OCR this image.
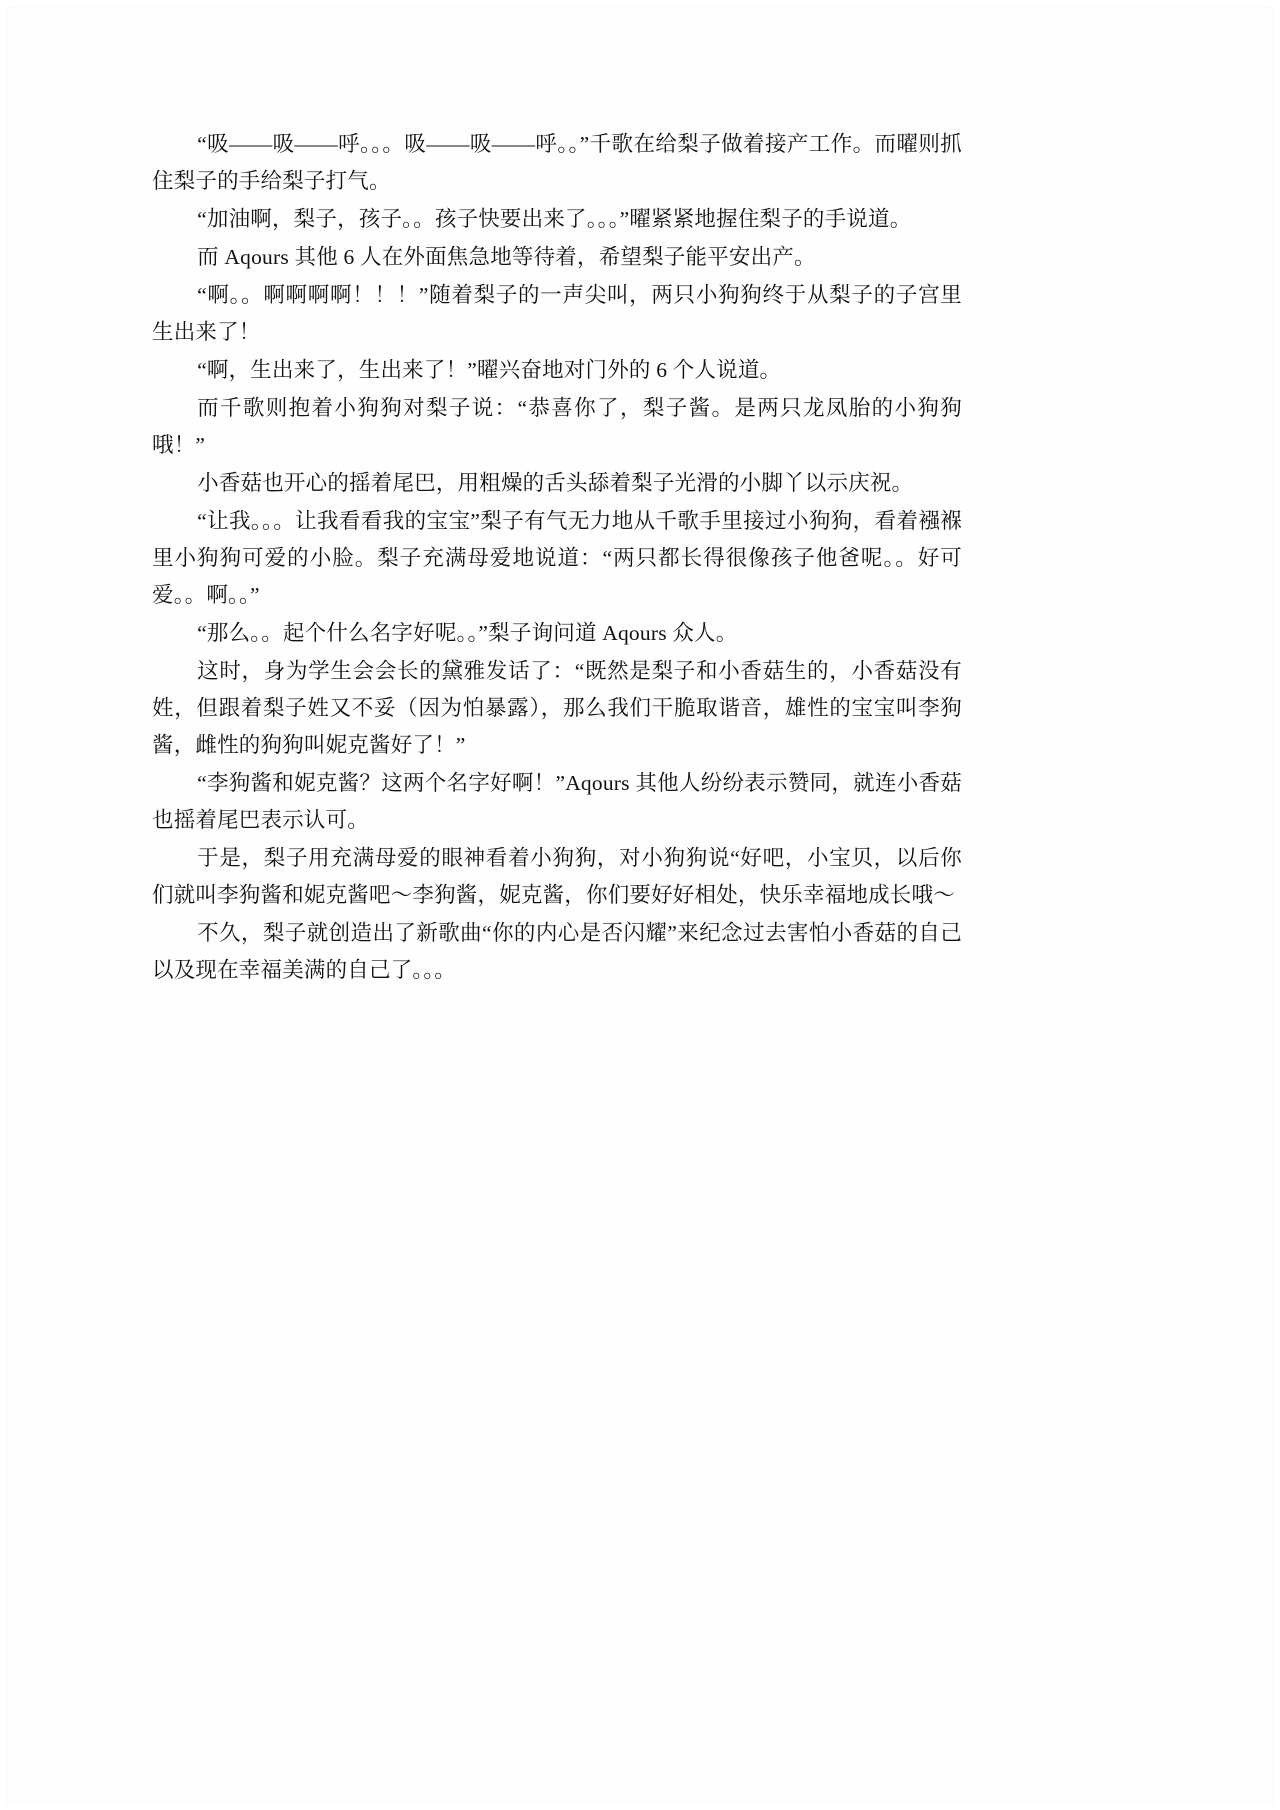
“吸——吸——呼。。。吸——吸——呼。。”千歌在给梨子做着接产工作。而曜则抓住梨子的手给梨子打气。

“加油啊，梨子，孩子。。孩子快要出来了。。。”曜紧紧地握住梨子的手说道。

而 Aqours 其他 6 人在外面焦急地等待着，希望梨子能平安出产。

“啊。。啊啊啊啊！！！”随着梨子的一声尖叫，两只小狗狗终于从梨子的子宫里生出来了！

“啊，生出来了，生出来了！”曜兴奋地对门外的 6 个人说道。

而千歌则抱着小狗狗对梨子说：“恭喜你了，梨子酱。是两只龙凤胎的小狗狗哦！”

小香菇也开心的摇着尾巴，用粗燥的舌头舔着梨子光滑的小脚丫以示庆祝。

“让我。。。让我看看我的宝宝”梨子有气无力地从千歌手里接过小狗狗，看着襁褓里小狗狗可爱的小脸。梨子充满母爱地说道：“两只都长得很像孩子他爸呢。。好可爱。。啊。。”

“那么。。起个什么名字好呢。。”梨子询问道 Aqours 众人。

这时，身为学生会会长的黛雅发话了：“既然是梨子和小香菇生的，小香菇没有姓，但跟着梨子姓又不妥（因为怕暴露），那么我们干脆取谐音，雄性的宝宝叫李狗酱，雌性的狗狗叫妮克酱好了！”

“李狗酱和妮克酱？这两个名字好啊！”Aqours 其他人纷纷表示赞同，就连小香菇也摇着尾巴表示认可。

于是，梨子用充满母爱的眼神看着小狗狗，对小狗狗说“好吧，小宝贝，以后你们就叫李狗酱和妮克酱吧～李狗酱，妮克酱，你们要好好相处，快乐幸福地成长哦～

不久，梨子就创造出了新歌曲“你的内心是否闪耀”来纪念过去害怕小香菇的自己以及现在幸福美满的自己了。。。
